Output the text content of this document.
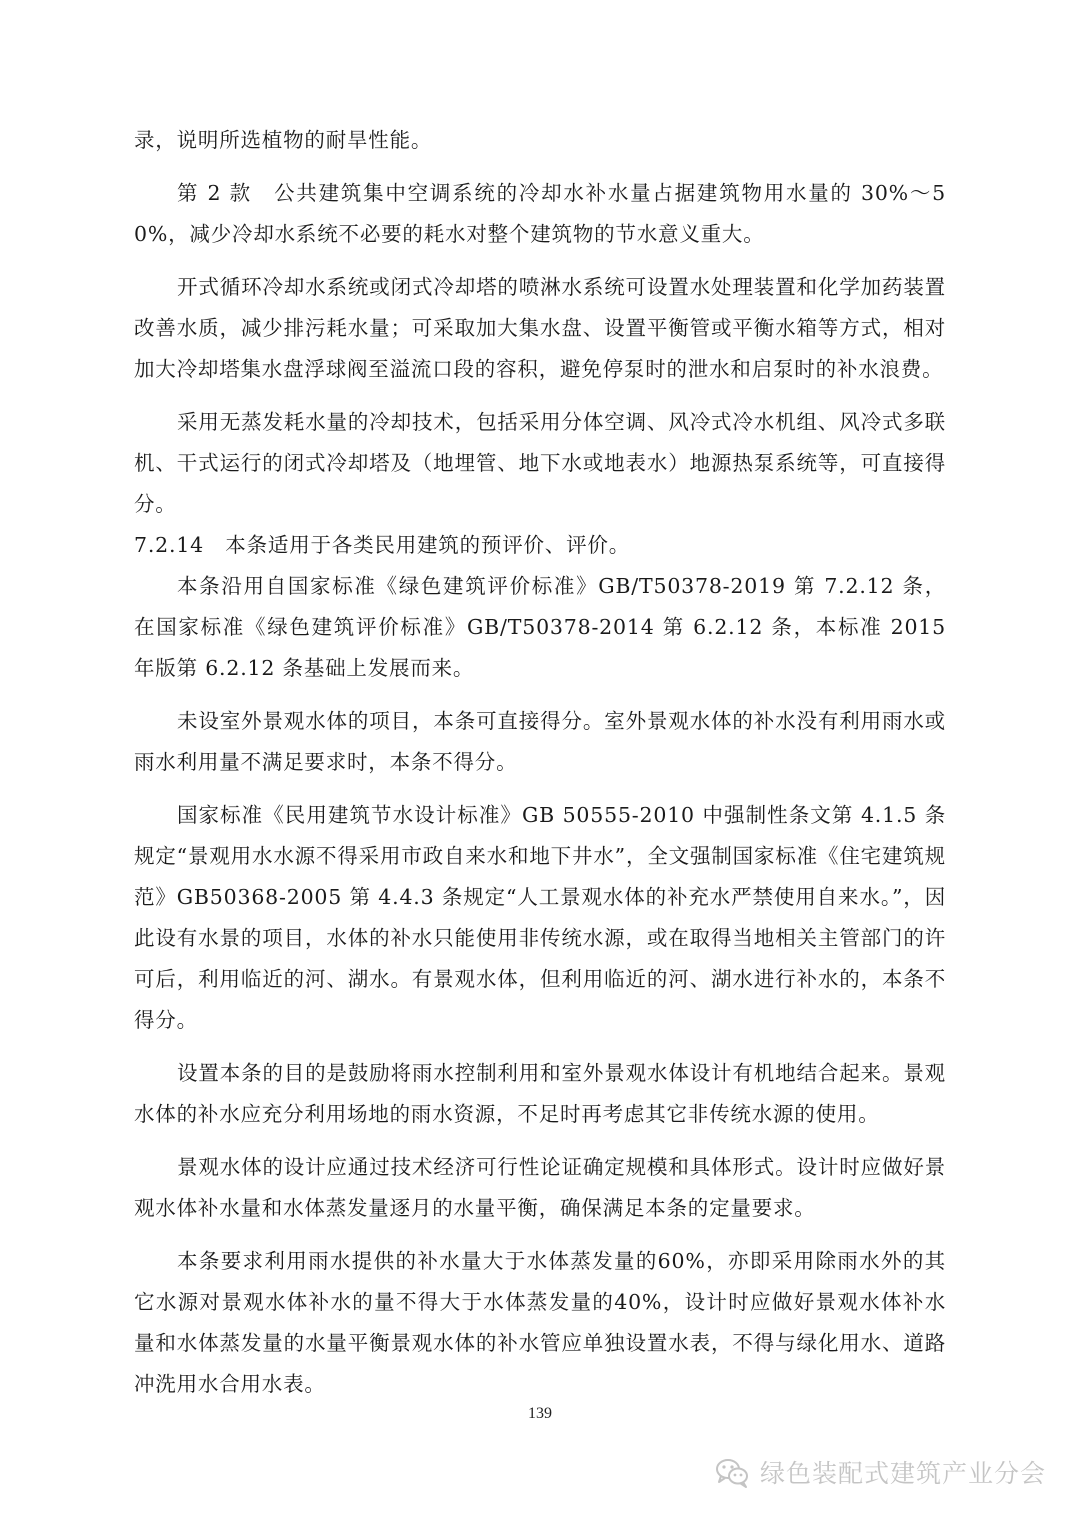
录，说明所选植物的耐旱性能。

第 2 款　公共建筑集中空调系统的冷却水补水量占据建筑物用水量的 30%～50%，减少冷却水系统不必要的耗水对整个建筑物的节水意义重大。

开式循环冷却水系统或闭式冷却塔的喷淋水系统可设置水处理装置和化学加药装置改善水质，减少排污耗水量；可采取加大集水盘、设置平衡管或平衡水箱等方式，相对加大冷却塔集水盘浮球阀至溢流口段的容积，避免停泵时的泄水和启泵时的补水浪费。

采用无蒸发耗水量的冷却技术，包括采用分体空调、风冷式冷水机组、风冷式多联机、干式运行的闭式冷却塔及（地埋管、地下水或地表水）地源热泵系统等，可直接得分。

7.2.14　本条适用于各类民用建筑的预评价、评价。

本条沿用自国家标准《绿色建筑评价标准》GB/T50378-2019 第 7.2.12 条，在国家标准《绿色建筑评价标准》GB/T50378-2014 第 6.2.12 条，本标准 2015 年版第 6.2.12 条基础上发展而来。

未设室外景观水体的项目，本条可直接得分。室外景观水体的补水没有利用雨水或雨水利用量不满足要求时，本条不得分。

国家标准《民用建筑节水设计标准》GB 50555-2010 中强制性条文第 4.1.5 条规定“景观用水水源不得采用市政自来水和地下井水”，全文强制国家标准《住宅建筑规范》GB50368-2005 第 4.4.3 条规定“人工景观水体的补充水严禁使用自来水。”，因此设有水景的项目，水体的补水只能使用非传统水源，或在取得当地相关主管部门的许可后，利用临近的河、湖水。有景观水体，但利用临近的河、湖水进行补水的，本条不得分。

设置本条的目的是鼓励将雨水控制利用和室外景观水体设计有机地结合起来。景观水体的补水应充分利用场地的雨水资源，不足时再考虑其它非传统水源的使用。

景观水体的设计应通过技术经济可行性论证确定规模和具体形式。设计时应做好景观水体补水量和水体蒸发量逐月的水量平衡，确保满足本条的定量要求。

本条要求利用雨水提供的补水量大于水体蒸发量的60%，亦即采用除雨水外的其它水源对景观水体补水的量不得大于水体蒸发量的40%，设计时应做好景观水体补水量和水体蒸发量的水量平衡景观水体的补水管应单独设置水表，不得与绿化用水、道路冲洗用水合用水表。

139
绿色装配式建筑产业分会
